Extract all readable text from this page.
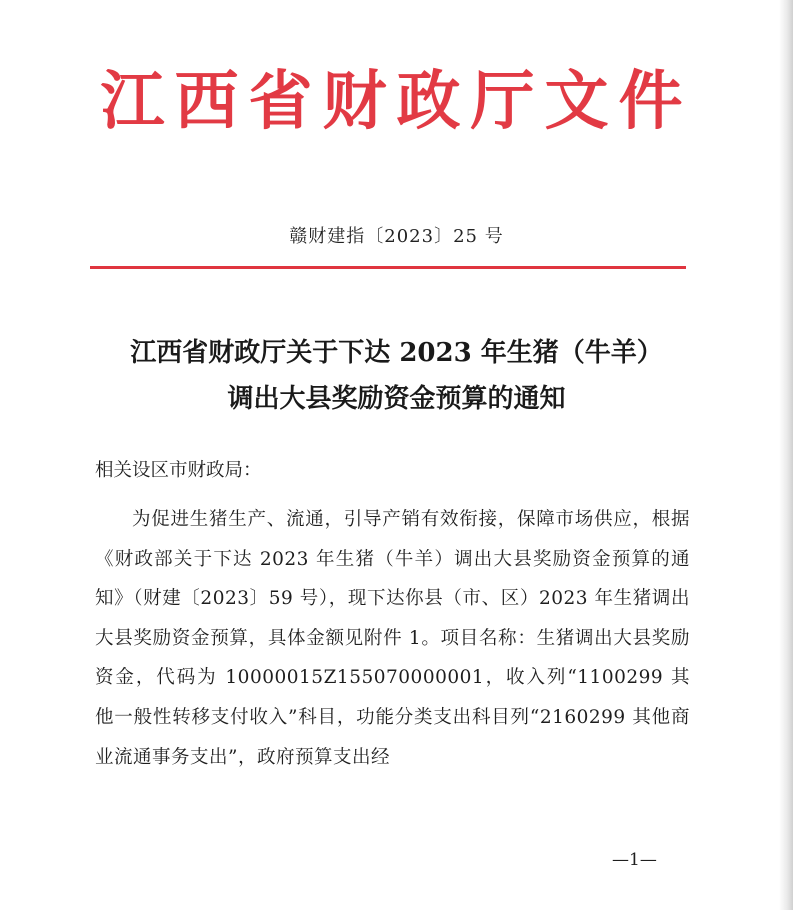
江西省财政厅文件
赣财建指〔2023〕25 号
江西省财政厅关于下达 2023 年生猪（牛羊）
调出大县奖励资金预算的通知
相关设区市财政局：
为促进生猪生产、流通，引导产销有效衔接，保障市场供应，根据《财政部关于下达 2023 年生猪（牛羊）调出大县奖励资金预算的通知》（财建〔2023〕59 号），现下达你县（市、区）2023 年生猪调出大县奖励资金预算，具体金额见附件 1。项目名称：生猪调出大县奖励资金，代码为 10000015Z155070000001，收入列“1100299 其他一般性转移支付收入”科目，功能分类支出科目列“2160299 其他商业流通事务支出”，政府预算支出经
—1—
